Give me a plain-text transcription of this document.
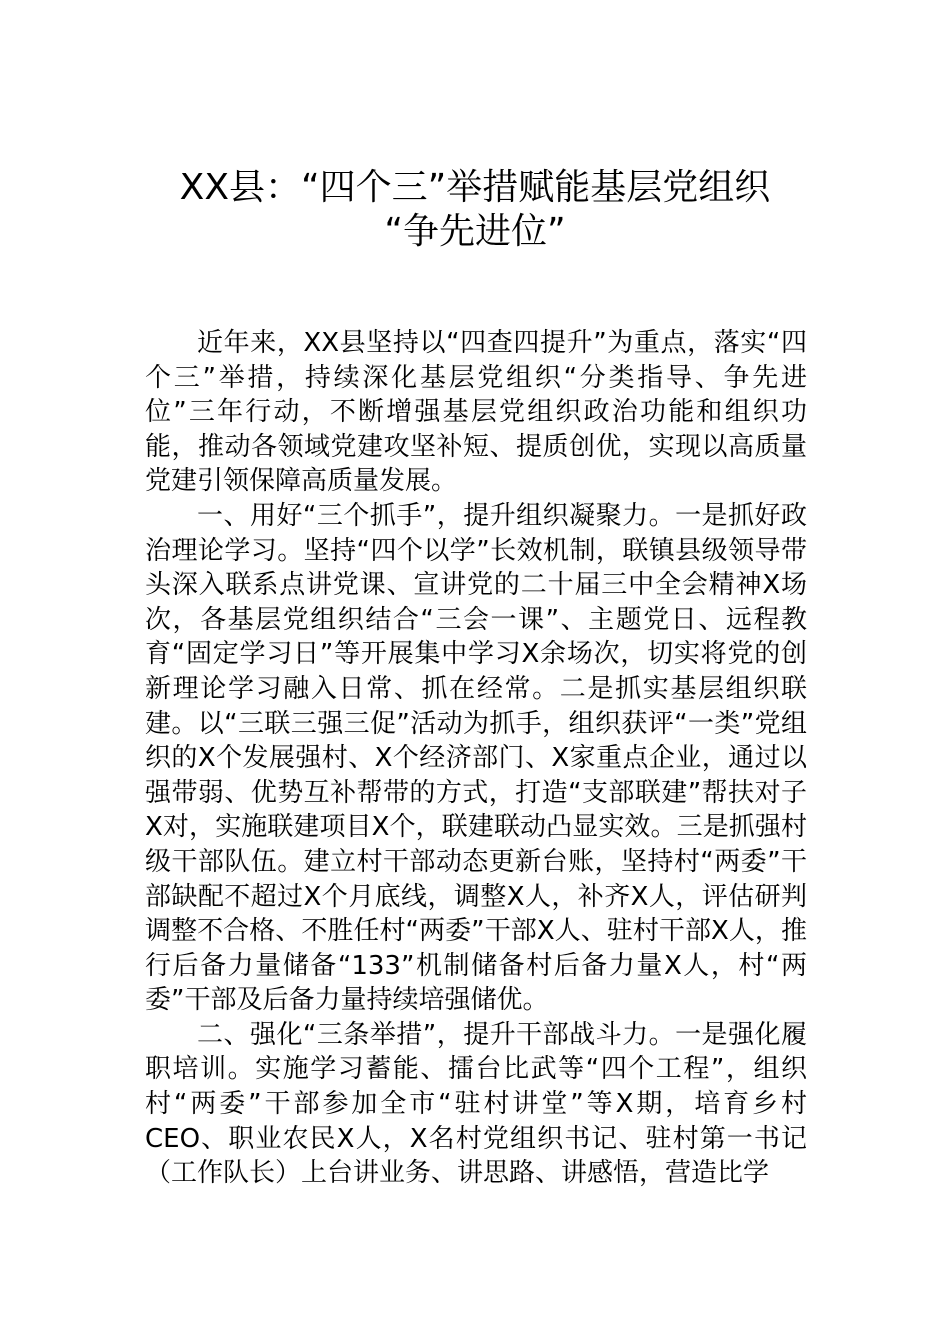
XX县：“四个三”举措赋能基层党组织
“争先进位”

近年来，XX县坚持以“四查四提升”为重点，落实“四个三”举措，持续深化基层党组织“分类指导、争先进位”三年行动，不断增强基层党组织政治功能和组织功能，推动各领域党建攻坚补短、提质创优，实现以高质量党建引领保障高质量发展。

一、用好“三个抓手”，提升组织凝聚力。一是抓好政治理论学习。坚持“四个以学”长效机制，联镇县级领导带头深入联系点讲党课、宣讲党的二十届三中全会精神X场次，各基层党组织结合“三会一课”、主题党日、远程教育“固定学习日”等开展集中学习X余场次，切实将党的创新理论学习融入日常、抓在经常。二是抓实基层组织联建。以“三联三强三促”活动为抓手，组织获评“一类”党组织的X个发展强村、X个经济部门、X家重点企业，通过以强带弱、优势互补帮带的方式，打造“支部联建”帮扶对子X对，实施联建项目X个，联建联动凸显实效。三是抓强村级干部队伍。建立村干部动态更新台账，坚持村“两委”干部缺配不超过X个月底线，调整X人，补齐X人，评估研判调整不合格、不胜任村“两委”干部X人、驻村干部X人，推行后备力量储备“133”机制储备村后备力量X人，村“两委”干部及后备力量持续培强储优。

二、强化“三条举措”，提升干部战斗力。一是强化履职培训。实施学习蓄能、擂台比武等“四个工程”，组织村“两委”干部参加全市“驻村讲堂”等X期，培育乡村CEO、职业农民X人，X名村党组织书记、驻村第一书记（工作队长）上台讲业务、讲思路、讲感悟，营造比学
